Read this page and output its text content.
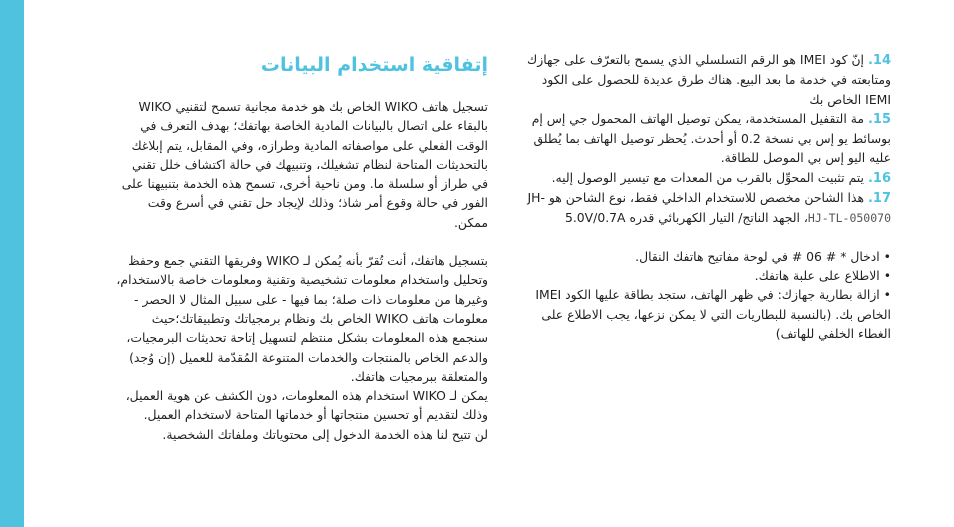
14. إنّ كود IMEI هو الرقم التسلسلي الذي يسمح بالتعرّف على جهازك ومتابعته في خدمة ما بعد البيع. هناك طرق عديدة للحصول على الكود IEMI الخاص بك

15. مة التقفيل المستخدمة، يمكن توصيل الهاتف المحمول جي إس إم بوسائط يو إس بي نسخة 0.2 أو أحدث. يُحظر توصيل الهاتف بما يُطلق عليه اليو إس بي الموصل للطاقة.

16. يتم تثبيت المحوِّل بالقرب من المعدات مع تيسير الوصول إليه.

17. هذا الشاحن مخصص للاستخدام الداخلي فقط، نوع الشاحن هو JH- HJ-TL-050070، الجهد الناتج/ التيار الكهربائي قدره 5.0V/0.7A

• ادخال * # 06 # في لوحة مفاتيح هاتفك النقال.

• الاطلاع على علبة هاتفك.

• ازالة بطارية جهازك: في ظهر الهاتف، ستجد بطاقة عليها الكود IMEI الخاص بك. (بالنسبة للبطاريات التي لا يمكن نزعها، يجب الاطلاع على الغطاء الخلفي للهاتف)

إتفاقية استخدام البيانات

تسجيل هاتف WIKO الخاص بك هو خدمة مجانية تسمح لتقنيي WIKO بالبقاء على اتصال بالبيانات المادية الخاصة بهاتفك؛ بهدف التعرف في الوقت الفعلي على مواصفاته المادية وطرازه، وفي المقابل، يتم إبلاغك بالتحديثات المتاحة لنظام تشغيلك، وتنبيهك في حالة اكتشاف خلل تقني في طراز أو سلسلة ما. ومن ناحية أخرى، تسمح هذه الخدمة بتنبيهنا على الفور في حالة وقوع أمر شاذ؛ وذلك لإيجاد حل تقني في أسرع وقت ممكن.

بتسجيل هاتفك، أنت تُقرّ بأنه يُمكن لـ WIKO وفريقها التقني جمع وحفظ وتحليل واستخدام معلومات تشخيصية وتقنية ومعلومات خاصة بالاستخدام، وغيرها من معلومات ذات صلة؛ بما فيها - على سبيل المثال لا الحصر - معلومات هاتف WIKO الخاص بك ونظام برمجياتك وتطبيقاتك؛حيث سنجمع هذه المعلومات بشكل منتظم لتسهيل إتاحة تحديثات البرمجيات، والدعم الخاص بالمنتجات والخدمات المتنوعة المُقدّمة للعميل (إن وُجد) والمتعلقة ببرمجيات هاتفك.

يمكن لـ WIKO استخدام هذه المعلومات، دون الكشف عن هوية العميل، وذلك لتقديم أو تحسين منتجاتها أو خدماتها المتاحة لاستخدام العميل.

لن تتيح لنا هذه الخدمة الدخول إلى محتوياتك وملفاتك الشخصية.
